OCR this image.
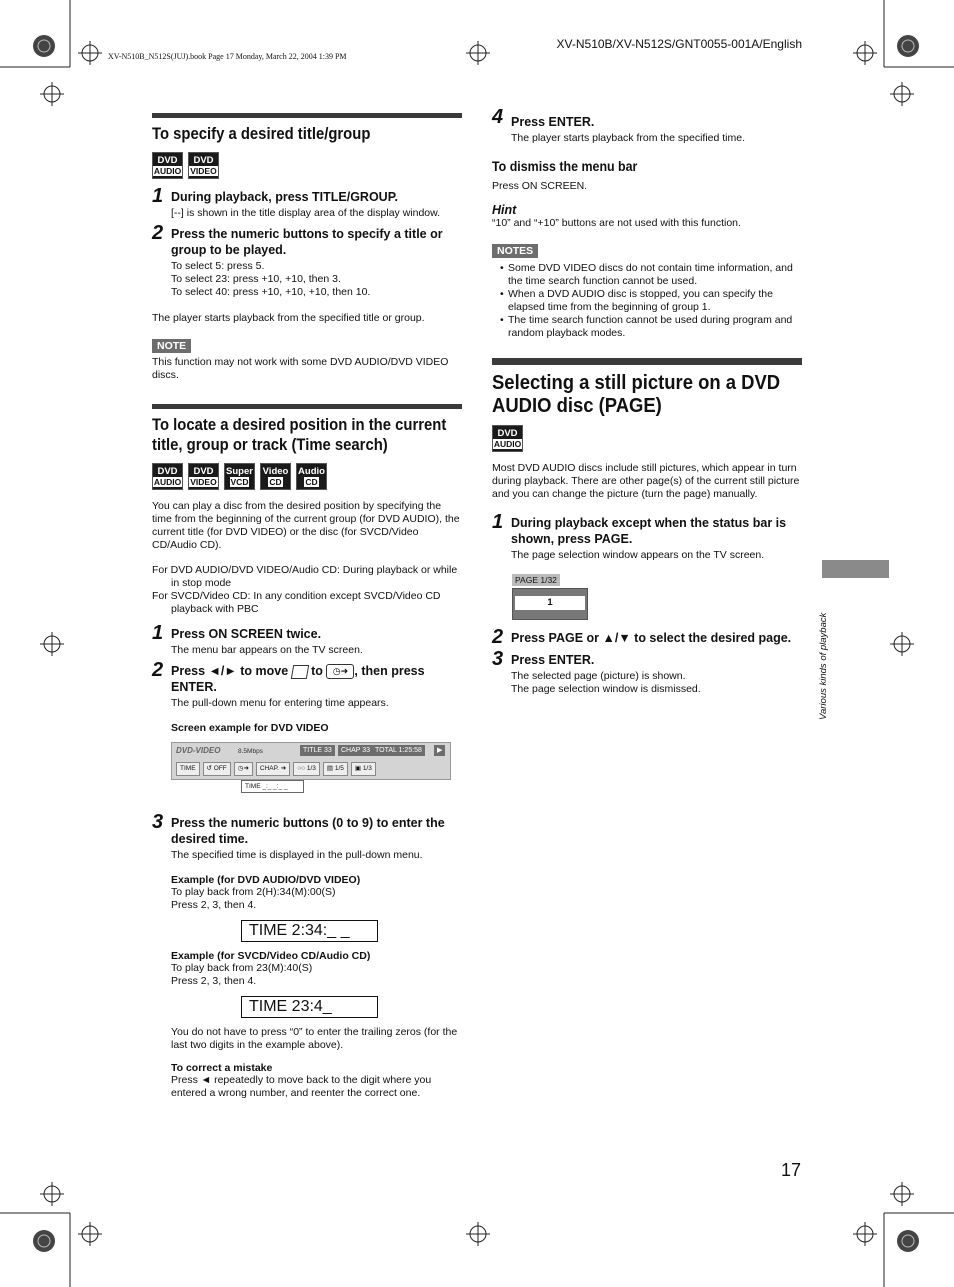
XV-N510B/XV-N512S/GNT0055-001A/English
XV-N510B_N512S(JUJ).book Page 17 Monday, March 22, 2004 1:39 PM
To specify a desired title/group
DVD
AUDIO
DVD
VIDEO
1 During playback, press TITLE/GROUP.
[--] is shown in the title display area of the display window.
2 Press the numeric buttons to specify a title or group to be played.
To select 5: press 5.
To select 23: press +10, +10, then 3.
To select 40: press +10, +10, +10, then 10.
The player starts playback from the specified title or group.
NOTE
This function may not work with some DVD AUDIO/DVD VIDEO discs.
To locate a desired position in the current title, group or track (Time search)
DVD
AUDIO
DVD
VIDEO
Super
VCD
Video
CD
Audio
CD
You can play a disc from the desired position by specifying the time from the beginning of the current group (for DVD AUDIO), the current title (for DVD VIDEO) or the disc (for SVCD/Video CD/Audio CD).
For DVD AUDIO/DVD VIDEO/Audio CD: During playback or while in stop mode
For SVCD/Video CD: In any condition except SVCD/Video CD playback with PBC
1 Press ON SCREEN twice.
The menu bar appears on the TV screen.
2 Press ◄/► to move to ◷➜ , then press ENTER.
The pull-down menu for entering time appears.
Screen example for DVD VIDEO
DVD-VIDEO	8.5Mbps	TITLE 33	CHAP 33 TOTAL 1:25:58	▶
TIME	↺ OFF	◷➜	CHAP. ➜	○○ 1/3	▤ 1/5	▣ 1/3
TIME _:_ _:_ _
3 Press the numeric buttons (0 to 9) to enter the desired time.
The specified time is displayed in the pull-down menu.
Example (for DVD AUDIO/DVD VIDEO)
To play back from 2(H):34(M):00(S)
Press 2, 3, then 4.
TIME 2:34:_ _
Example (for SVCD/Video CD/Audio CD)
To play back from 23(M):40(S)
Press 2, 3, then 4.
TIME 23:4_
You do not have to press “0” to enter the trailing zeros (for the last two digits in the example above).
To correct a mistake
Press ◄ repeatedly to move back to the digit where you entered a wrong number, and reenter the correct one.
4 Press ENTER.
The player starts playback from the specified time.
To dismiss the menu bar
Press ON SCREEN.
Hint
“10” and “+10” buttons are not used with this function.
NOTES
• Some DVD VIDEO discs do not contain time information, and the time search function cannot be used.
• When a DVD AUDIO disc is stopped, you can specify the elapsed time from the beginning of group 1.
• The time search function cannot be used during program and random playback modes.
Selecting a still picture on a DVD AUDIO disc (PAGE)
DVD
AUDIO
Most DVD AUDIO discs include still pictures, which appear in turn during playback. There are other page(s) of the current still picture and you can change the picture (turn the page) manually.
1 During playback except when the status bar is shown, press PAGE.
The page selection window appears on the TV screen.
PAGE 1/32
1
2 Press PAGE or ▲/▼ to select the desired page.
3 Press ENTER.
The selected page (picture) is shown.
The page selection window is dismissed.	Various kinds of playback
17
